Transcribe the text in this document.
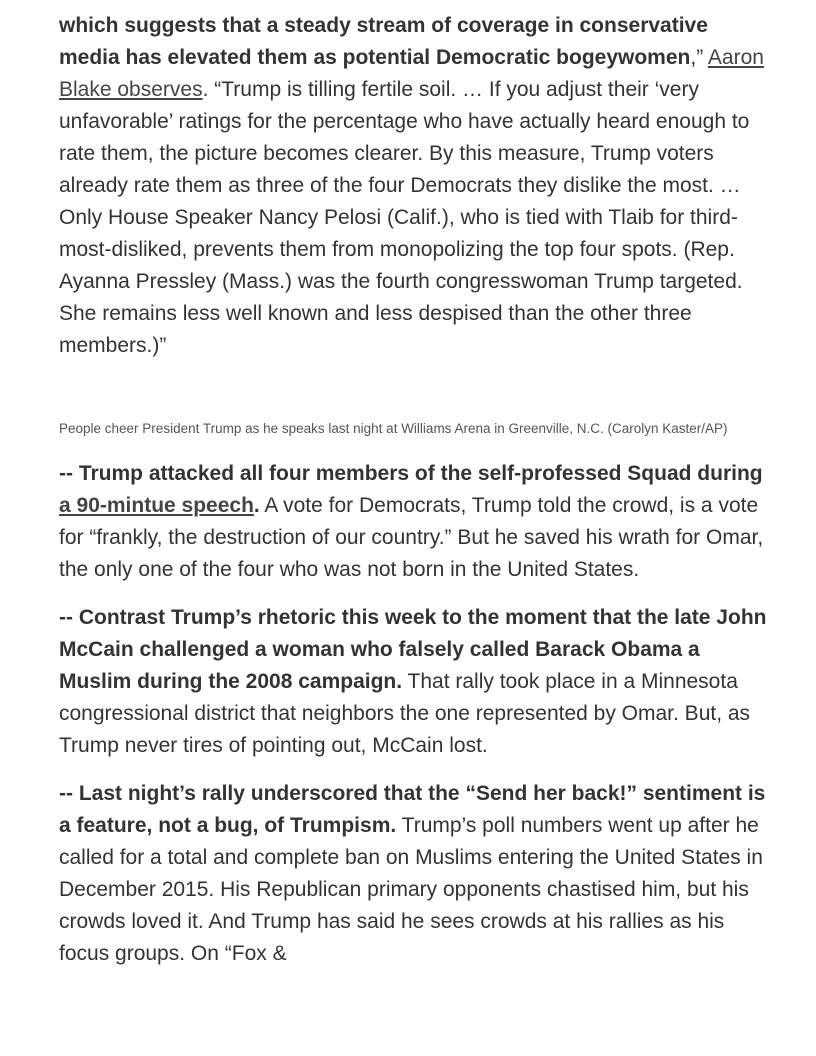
which suggests that a steady stream of coverage in conservative media has elevated them as potential Democratic bogeywomen,” Aaron Blake observes. “Trump is tilling fertile soil. … If you adjust their ‘very unfavorable’ ratings for the percentage who have actually heard enough to rate them, the picture becomes clearer. By this measure, Trump voters already rate them as three of the four Democrats they dislike the most. … Only House Speaker Nancy Pelosi (Calif.), who is tied with Tlaib for third-most-disliked, prevents them from monopolizing the top four spots. (Rep. Ayanna Pressley (Mass.) was the fourth congresswoman Trump targeted. She remains less well known and less despised than the other three members.)”

People cheer President Trump as he speaks last night at Williams Arena in Greenville, N.C. (Carolyn Kaster/AP)

-- Trump attacked all four members of the self-professed Squad during a 90-mintue speech. A vote for Democrats, Trump told the crowd, is a vote for “frankly, the destruction of our country.” But he saved his wrath for Omar, the only one of the four who was not born in the United States.

-- Contrast Trump’s rhetoric this week to the moment that the late John McCain challenged a woman who falsely called Barack Obama a Muslim during the 2008 campaign. That rally took place in a Minnesota congressional district that neighbors the one represented by Omar. But, as Trump never tires of pointing out, McCain lost.

-- Last night’s rally underscored that the “Send her back!” sentiment is a feature, not a bug, of Trumpism. Trump’s poll numbers went up after he called for a total and complete ban on Muslims entering the United States in December 2015. His Republican primary opponents chastised him, but his crowds loved it. And Trump has said he sees crowds at his rallies as his focus groups. On “Fox &
